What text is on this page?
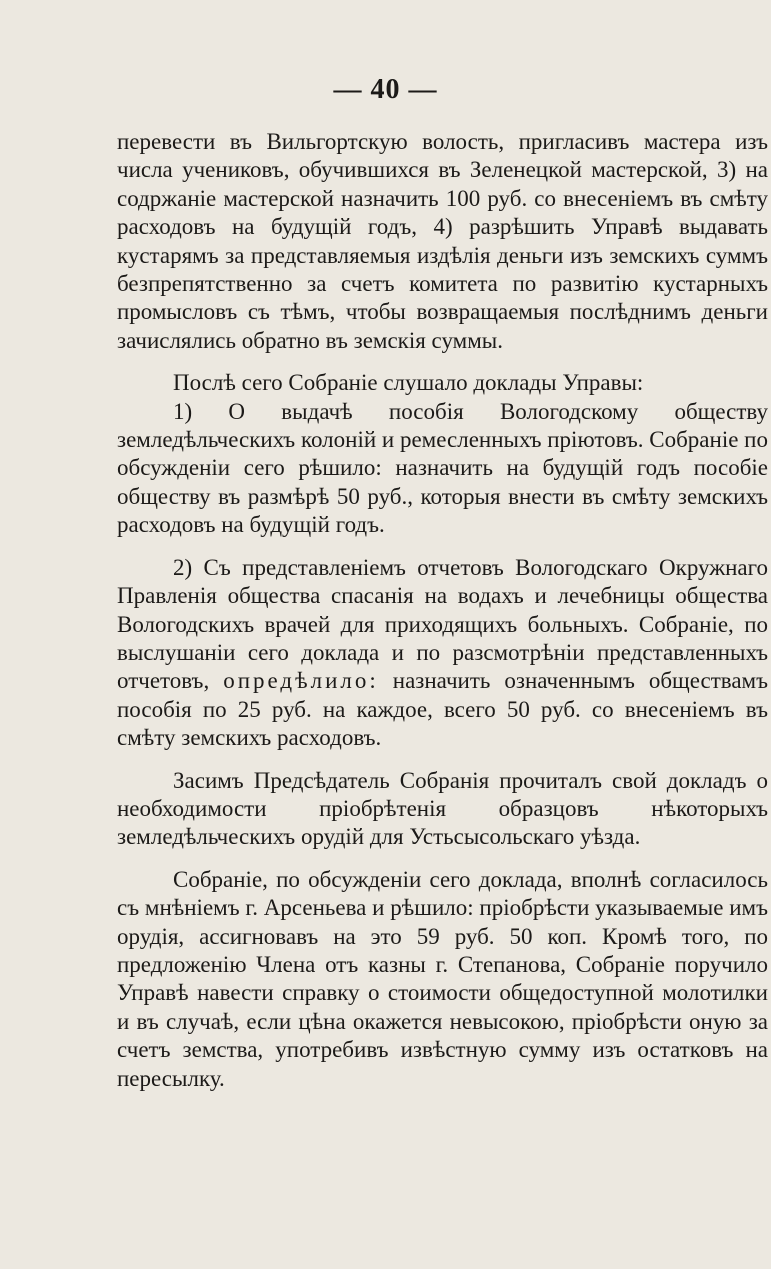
— 40 —

перевести въ Вильгортскую волость, пригласивъ мастера изъ числа учениковъ, обучившихся въ Зеленецкой мастерской, 3) на содржаніе мастерской назначить 100 руб. со внесеніемъ въ смѣту расходовъ на будущій годъ, 4) разрѣшить Управѣ выдавать кустарямъ за представляемыя издѣлія деньги изъ земскихъ суммъ безпрепятственно за счетъ комитета по развитію кустарныхъ промысловъ съ тѣмъ, чтобы возвращаемыя послѣднимъ деньги зачислялись обратно въ земскія суммы.

Послѣ сего Собраніе слушало доклады Управы:

1) О выдачѣ пособія Вологодскому обществу земледѣльческихъ колоній и ремесленныхъ пріютовъ. Собраніе по обсужденіи сего рѣшило: назначить на будущій годъ пособіе обществу въ размѣрѣ 50 руб., которыя внести въ смѣту земскихъ расходовъ на будущій годъ.

2) Съ представленіемъ отчетовъ Вологодскаго Окружнаго Правленія общества спасанія на водахъ и лечебницы общества Вологодскихъ врачей для приходящихъ больныхъ. Собраніе, по выслушаніи сего доклада и по разсмотрѣніи представленныхъ отчетовъ, опредѣлило: назначить означеннымъ обществамъ пособія по 25 руб. на каждое, всего 50 руб. со внесеніемъ въ смѣту земскихъ расходовъ.

Засимъ Предсѣдатель Собранія прочиталъ свой докладъ о необходимости пріобрѣтенія образцовъ нѣкоторыхъ земледѣльческихъ орудій для Устьсысольскаго уѣзда.

Собраніе, по обсужденіи сего доклада, вполнѣ согласилось съ мнѣніемъ г. Арсеньева и рѣшило: пріобрѣсти указываемые имъ орудія, ассигновавъ на это 59 руб. 50 коп. Кромѣ того, по предложенію Члена отъ казны г. Степанова, Собраніе поручило Управѣ навести справку о стоимости общедоступной молотилки и въ случаѣ, если цѣна окажется невысокою, пріобрѣсти оную за счетъ земства, употребивъ извѣстную сумму изъ остатковъ на пересылку.
